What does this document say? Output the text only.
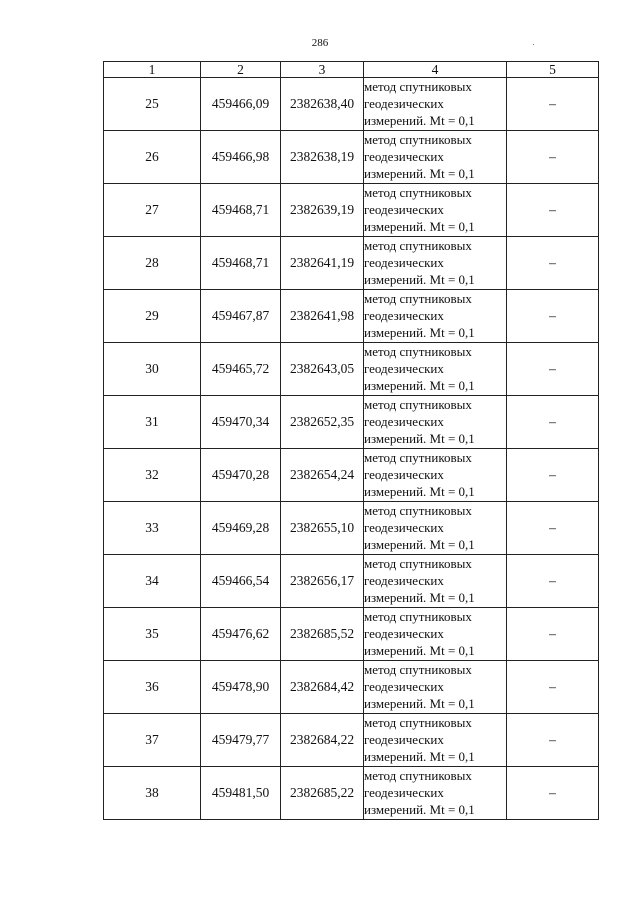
286
1	2	3	4	5
25	459466,09	2382638,40	метод спутниковых
геодезических
измерений. Mt = 0,1	–
26	459466,98	2382638,19	метод спутниковых
геодезических
измерений. Mt = 0,1	–
27	459468,71	2382639,19	метод спутниковых
геодезических
измерений. Mt = 0,1	–
28	459468,71	2382641,19	метод спутниковых
геодезических
измерений. Mt = 0,1	–
29	459467,87	2382641,98	метод спутниковых
геодезических
измерений. Mt = 0,1	–
30	459465,72	2382643,05	метод спутниковых
геодезических
измерений. Mt = 0,1	–
31	459470,34	2382652,35	метод спутниковых
геодезических
измерений. Mt = 0,1	–
32	459470,28	2382654,24	метод спутниковых
геодезических
измерений. Mt = 0,1	–
33	459469,28	2382655,10	метод спутниковых
геодезических
измерений. Mt = 0,1	–
34	459466,54	2382656,17	метод спутниковых
геодезических
измерений. Mt = 0,1	–
35	459476,62	2382685,52	метод спутниковых
геодезических
измерений. Mt = 0,1	–
36	459478,90	2382684,42	метод спутниковых
геодезических
измерений. Mt = 0,1	–
37	459479,77	2382684,22	метод спутниковых
геодезических
измерений. Mt = 0,1	–
38	459481,50	2382685,22	метод спутниковых
геодезических
измерений. Mt = 0,1	–
